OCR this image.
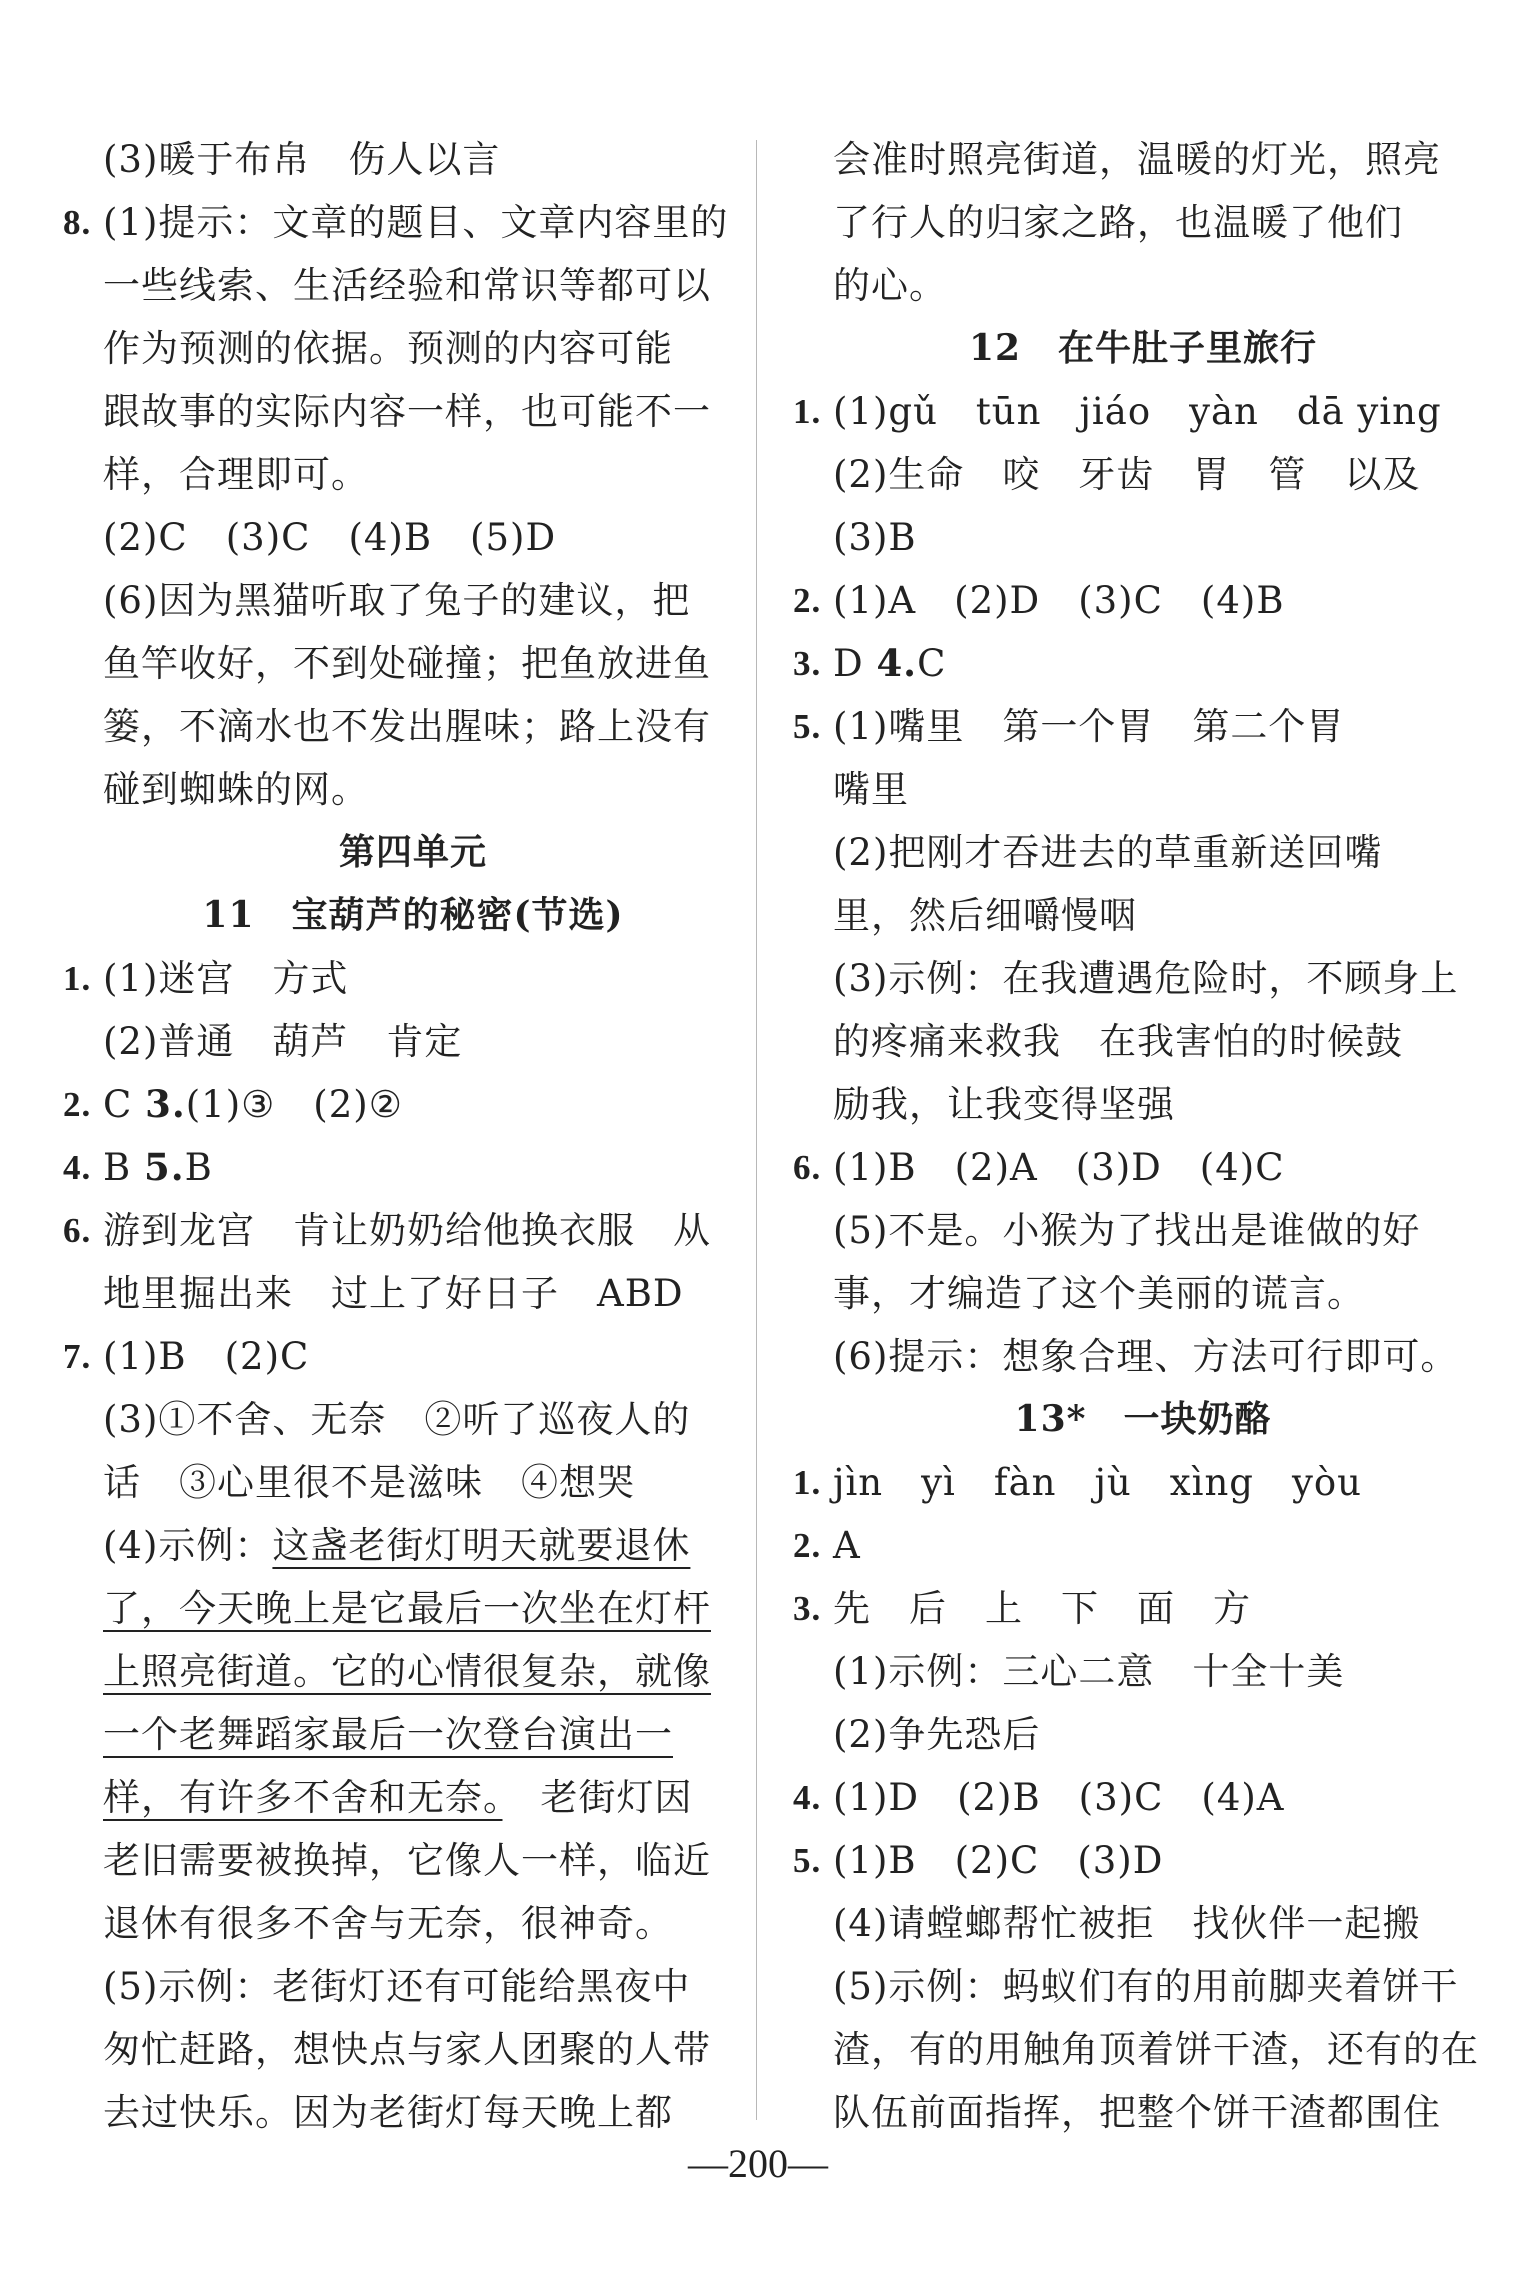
(3)暖于布帛　伤人以言
8. (1)提示：文章的题目、文章内容里的
一些线索、生活经验和常识等都可以
作为预测的依据。预测的内容可能
跟故事的实际内容一样，也可能不一
样，合理即可。
(2)C　(3)C　(4)B　(5)D
(6)因为黑猫听取了兔子的建议，把
鱼竿收好，不到处碰撞；把鱼放进鱼
篓，不滴水也不发出腥味；路上没有
碰到蜘蛛的网。
第四单元
11　宝葫芦的秘密(节选)
1. (1)迷宫　方式
(2)普通　葫芦　肯定
2. C 3.(1)③　(2)②
4. B 5.B
6. 游到龙宫　肯让奶奶给他换衣服　从
地里掘出来　过上了好日子　ABD
7. (1)B　(2)C
(3)①不舍、无奈　②听了巡夜人的
话　③心里很不是滋味　④想哭
(4)示例：这盏老街灯明天就要退休
了，今天晚上是它最后一次坐在灯杆
上照亮街道。它的心情很复杂，就像
一个老舞蹈家最后一次登台演出一
样，有许多不舍和无奈。　老街灯因
老旧需要被换掉，它像人一样，临近
退休有很多不舍与无奈，很神奇。
(5)示例：老街灯还有可能给黑夜中
匆忙赶路，想快点与家人团聚的人带
去过快乐。因为老街灯每天晚上都
会准时照亮街道，温暖的灯光，照亮
了行人的归家之路，也温暖了他们
的心。
12　在牛肚子里旅行
1. (1)gǔ　tūn　jiáo　yàn　dā ying
(2)生命　咬　牙齿　胃　管　以及
(3)B
2. (1)A　(2)D　(3)C　(4)B
3. D 4.C
5. (1)嘴里　第一个胃　第二个胃
嘴里
(2)把刚才吞进去的草重新送回嘴
里，然后细嚼慢咽
(3)示例：在我遭遇危险时，不顾身上
的疼痛来救我　在我害怕的时候鼓
励我，让我变得坚强
6. (1)B　(2)A　(3)D　(4)C
(5)不是。小猴为了找出是谁做的好
事，才编造了这个美丽的谎言。
(6)提示：想象合理、方法可行即可。
13*　一块奶酪
1. jìn　yì　fàn　jù　xìng　yòu
2. A
3. 先　后　上　下　面　方
(1)示例：三心二意　十全十美
(2)争先恐后
4. (1)D　(2)B　(3)C　(4)A
5. (1)B　(2)C　(3)D
(4)请螳螂帮忙被拒　找伙伴一起搬
(5)示例：蚂蚁们有的用前脚夹着饼干
渣，有的用触角顶着饼干渣，还有的在
队伍前面指挥，把整个饼干渣都围住
—200—
